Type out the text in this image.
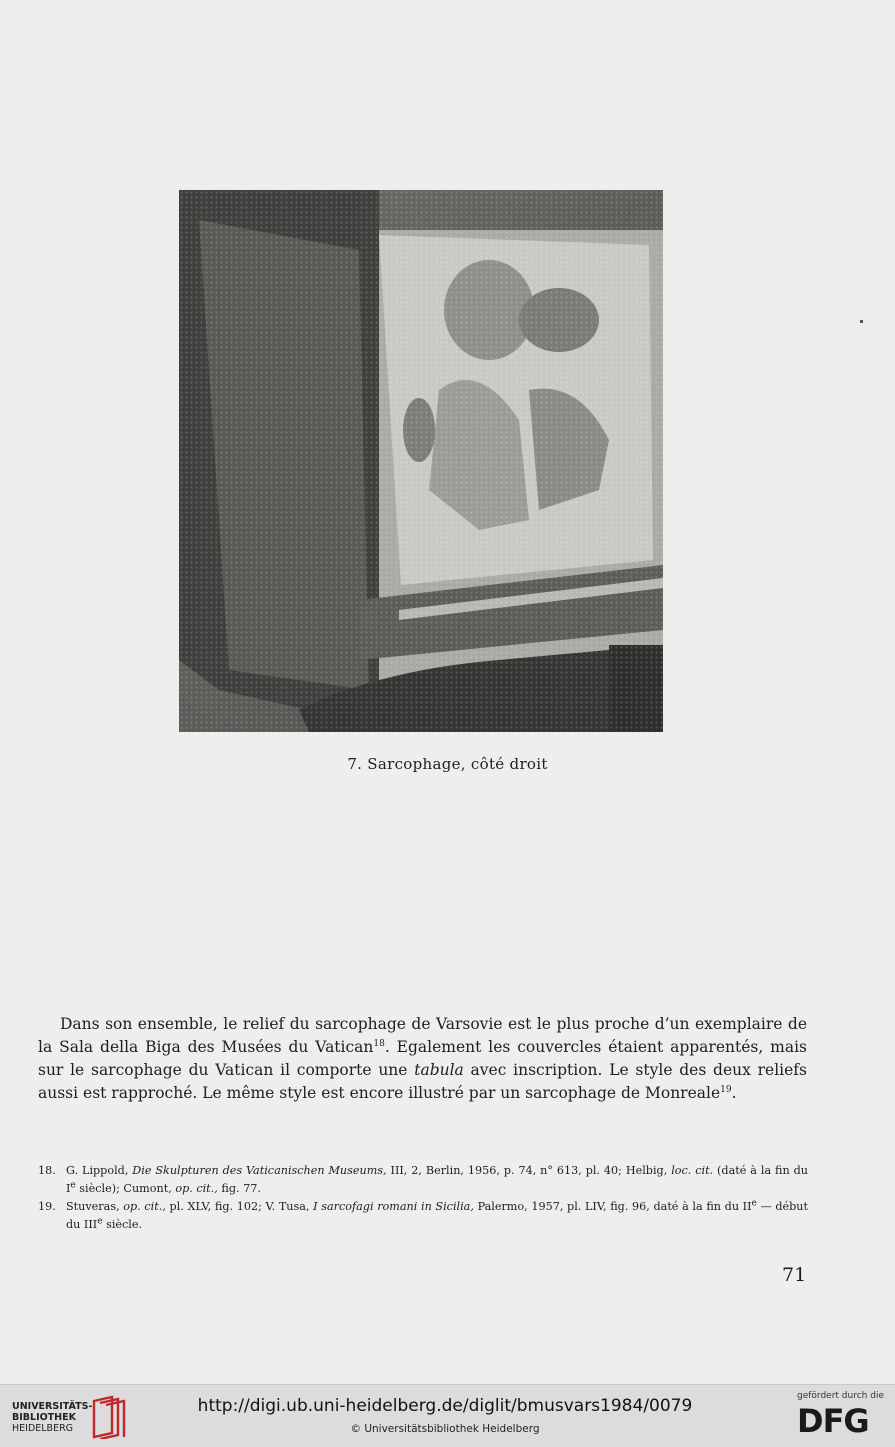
7. Sarcophage, côté droit

Dans son ensemble, le relief du sarcophage de Varsovie est le plus proche d’un exemplaire de la Sala della Biga des Musées du Vatican$^{18}$. Egalement les couvercles étaient apparentés, mais sur le sarcophage du Vatican il comporte une tabula avec inscription. Le style des deux reliefs aussi est rapproché. Le même style est encore illustré par un sarcophage de Monreale$^{19}$.

18. G. Lippold, Die Skulpturen des Vaticanischen Museums, III, 2, Berlin, 1956, p. 74, n° 613, pl. 40; Helbig, loc. cit. (daté à la fin du Ie siècle); Cumont, op. cit., fig. 77.
19. Stuveras, op. cit., pl. XLV, fig. 102; V. Tusa, I sarcofagi romani in Sicilia, Palermo, 1957, pl. LIV, fig. 96, daté à la fin du IIe — début du IIIe siècle.
71
UNIVERSITÄTS-
BIBLIOTHEK
HEIDELBERG
http://digi.ub.uni-heidelberg.de/diglit/bmusvars1984/0079
© Universitätsbibliothek Heidelberg
gefördert durch die
DFG
